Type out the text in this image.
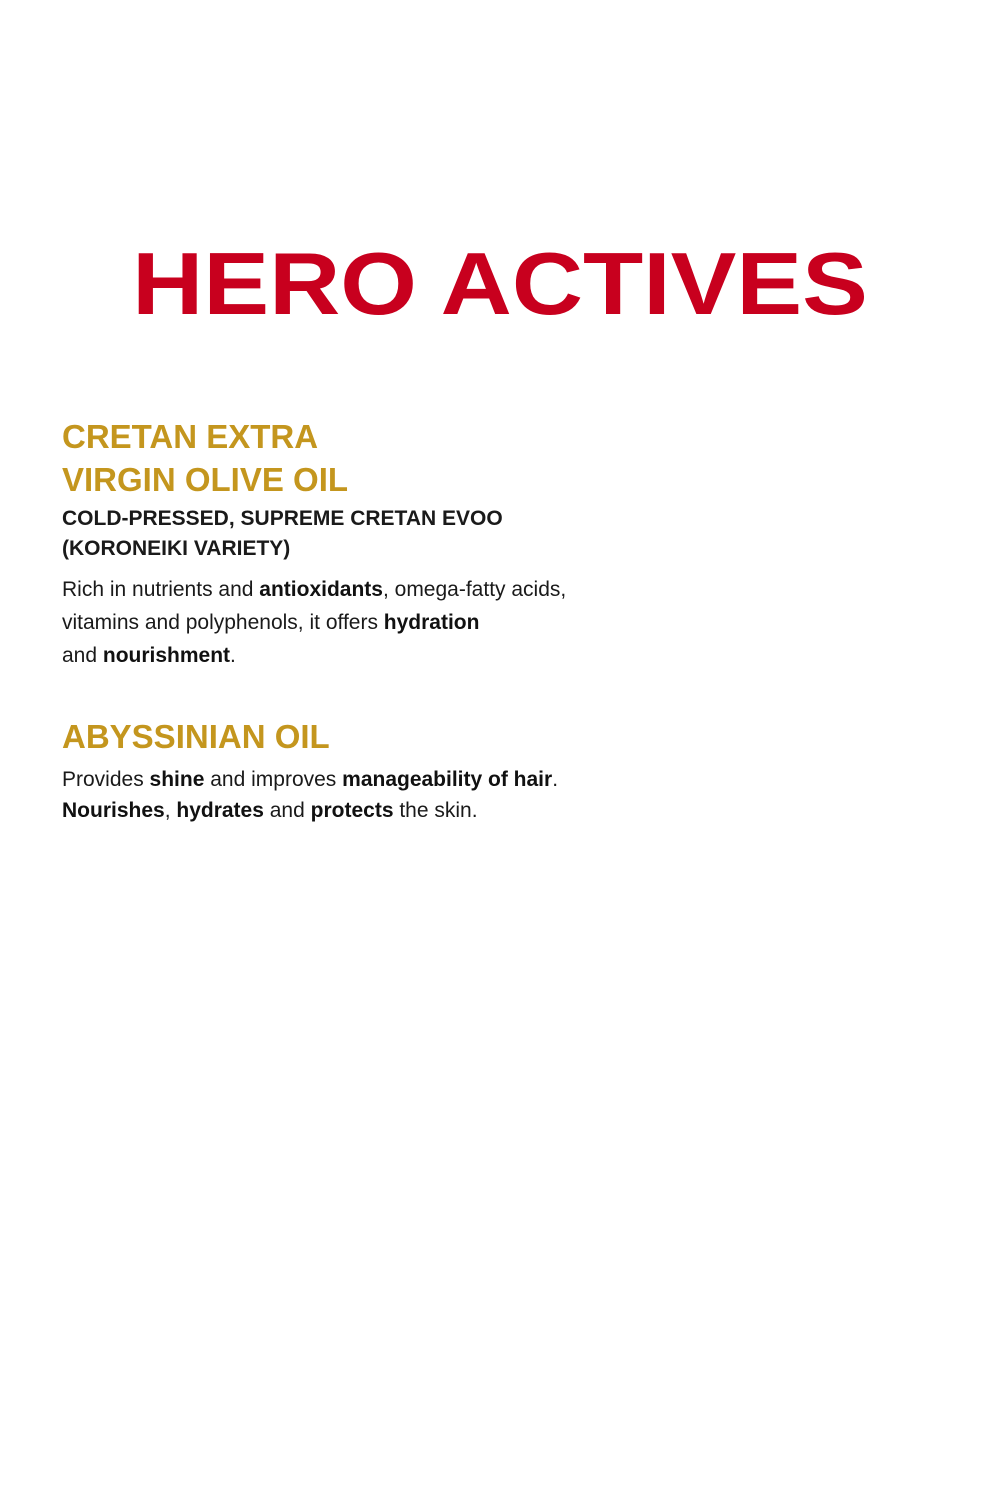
HERO ACTIVES
CRETAN EXTRA
VIRGIN OLIVE OIL
COLD-PRESSED, SUPREME CRETAN EVOO
(KORONEIKI VARIETY)

Rich in nutrients and antioxidants, omega-fatty acids,
vitamins and polyphenols, it offers hydration
and nourishment.

ABYSSINIAN OIL

Provides shine and improves manageability of hair.
Nourishes, hydrates and protects the skin.
